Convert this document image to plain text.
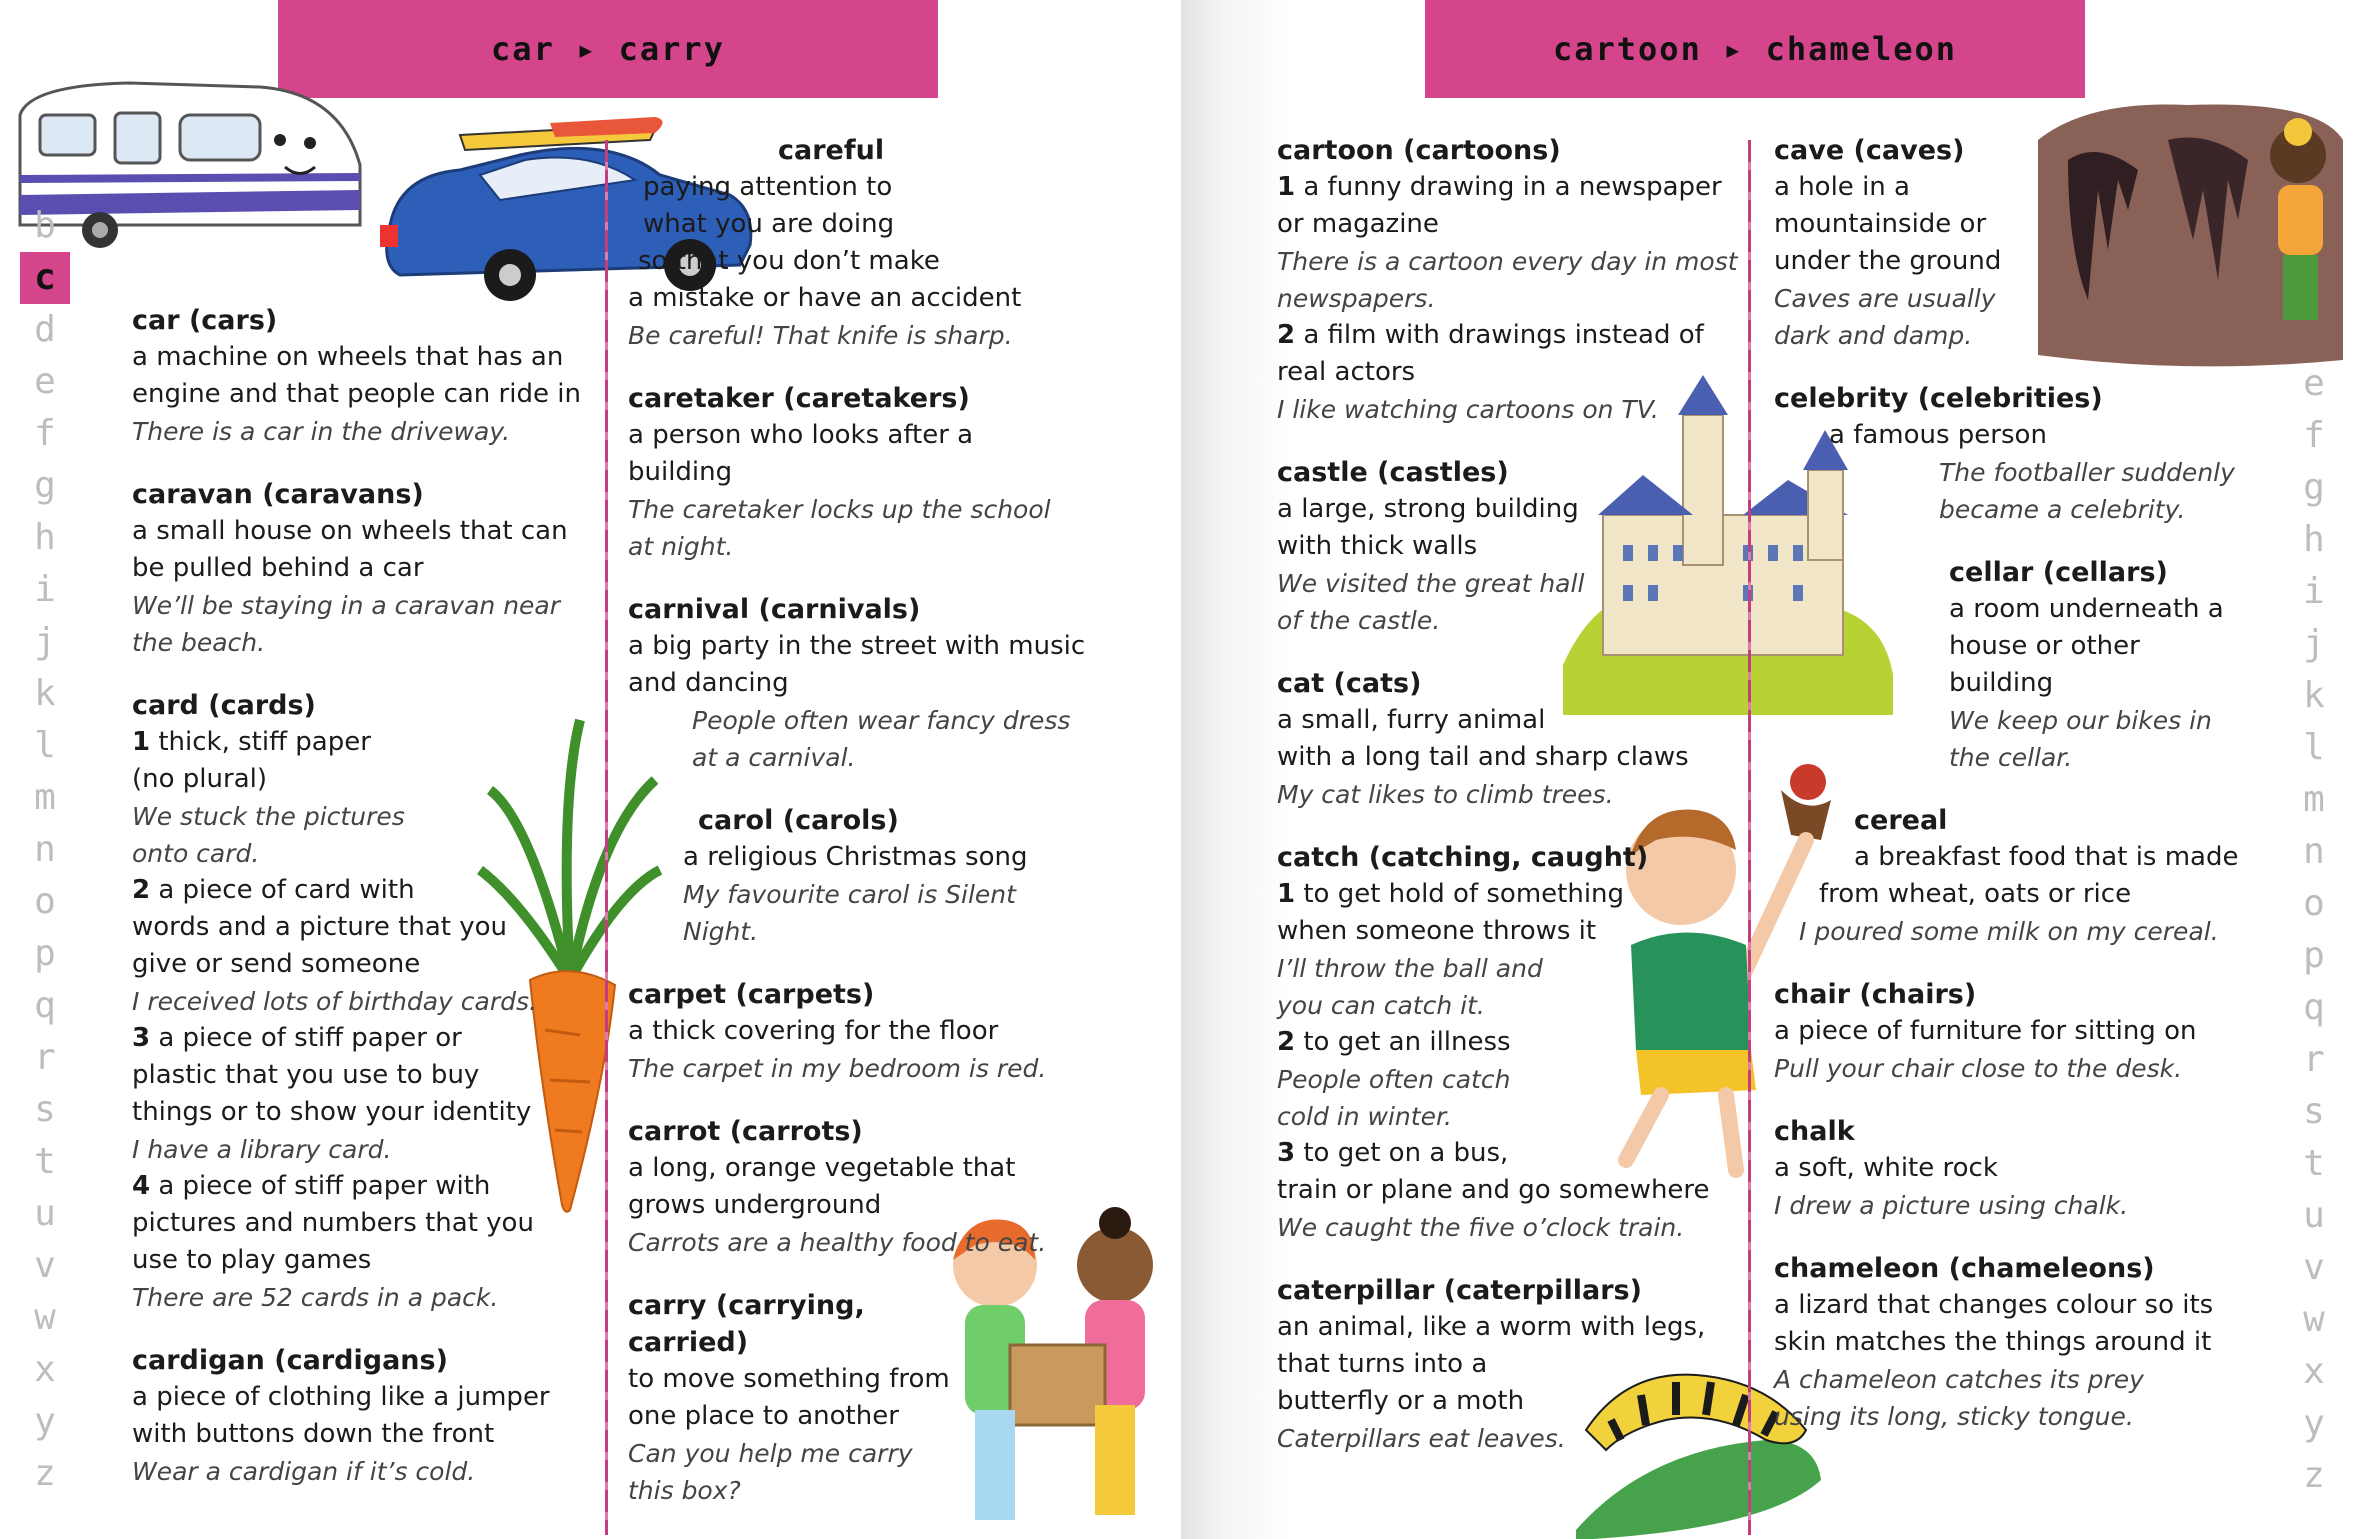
car ▸ carry
b
c
d
e
f
g
h
i
j
k
l
m
n
o
p
q
r
s
t
u
v
w
x
y
z
car (cars)
a machine on wheels that has an
engine and that people can ride in
There is a car in the driveway.
caravan (caravans)
a small house on wheels that can
be pulled behind a car
We’ll be staying in a caravan near
the beach.
card (cards)
1 thick, stiff paper
(no plural)
We stuck the pictures
onto card.
2 a piece of card with
words and a picture that you
give or send someone
I received lots of birthday cards.
3 a piece of stiff paper or
plastic that you use to buy
things or to show your identity
I have a library card.
4 a piece of stiff paper with
pictures and numbers that you
use to play games
There are 52 cards in a pack.
cardigan (cardigans)
a piece of clothing like a jumper
with buttons down the front
Wear a cardigan if it’s cold.
careful
paying attention to
what you are doing
so that you don’t make
a mistake or have an accident
Be careful! That knife is sharp.
caretaker (caretakers)
a person who looks after a
building
The caretaker locks up the school
at night.
carnival (carnivals)
a big party in the street with music
and dancing
People often wear fancy dress
at a carnival.
carol (carols)
a religious Christmas song
My favourite carol is Silent Night.
carpet (carpets)
a thick covering for the floor
The carpet in my bedroom is red.
carrot (carrots)
a long, orange vegetable that
grows underground
Carrots are a healthy food to eat.
carry (carrying,
carried)
to move something from
one place to another
Can you help me carry
this box?
cartoon ▸ chameleon
e
f
g
h
i
j
k
l
m
n
o
p
q
r
s
t
u
v
w
x
y
z
cartoon (cartoons)
1 a funny drawing in a newspaper
or magazine
There is a cartoon every day in most
newspapers.
2 a film with drawings instead of
real actors
I like watching cartoons on TV.
castle (castles)
a large, strong building
with thick walls
We visited the great hall
of the castle.
cat (cats)
a small, furry animal
with a long tail and sharp claws
My cat likes to climb trees.
catch (catching, caught)
1 to get hold of something
when someone throws it
I’ll throw the ball and
you can catch it.
2 to get an illness
People often catch
cold in winter.
3 to get on a bus,
train or plane and go somewhere
We caught the five o’clock train.
caterpillar (caterpillars)
an animal, like a worm with legs,
that turns into a
butterfly or a moth
Caterpillars eat leaves.
cave (caves)
a hole in a
mountainside or
under the ground
Caves are usually
dark and damp.
celebrity (celebrities)
a famous person
The footballer suddenly
became a celebrity.
cellar (cellars)
a room underneath a
house or other
building
We keep our bikes in
the cellar.
cereal
a breakfast food that is made
from wheat, oats or rice
I poured some milk on my cereal.
chair (chairs)
a piece of furniture for sitting on
Pull your chair close to the desk.
chalk
a soft, white rock
I drew a picture using chalk.
chameleon (chameleons)
a lizard that changes colour so its
skin matches the things around it
A chameleon catches its prey
using its long, sticky tongue.
